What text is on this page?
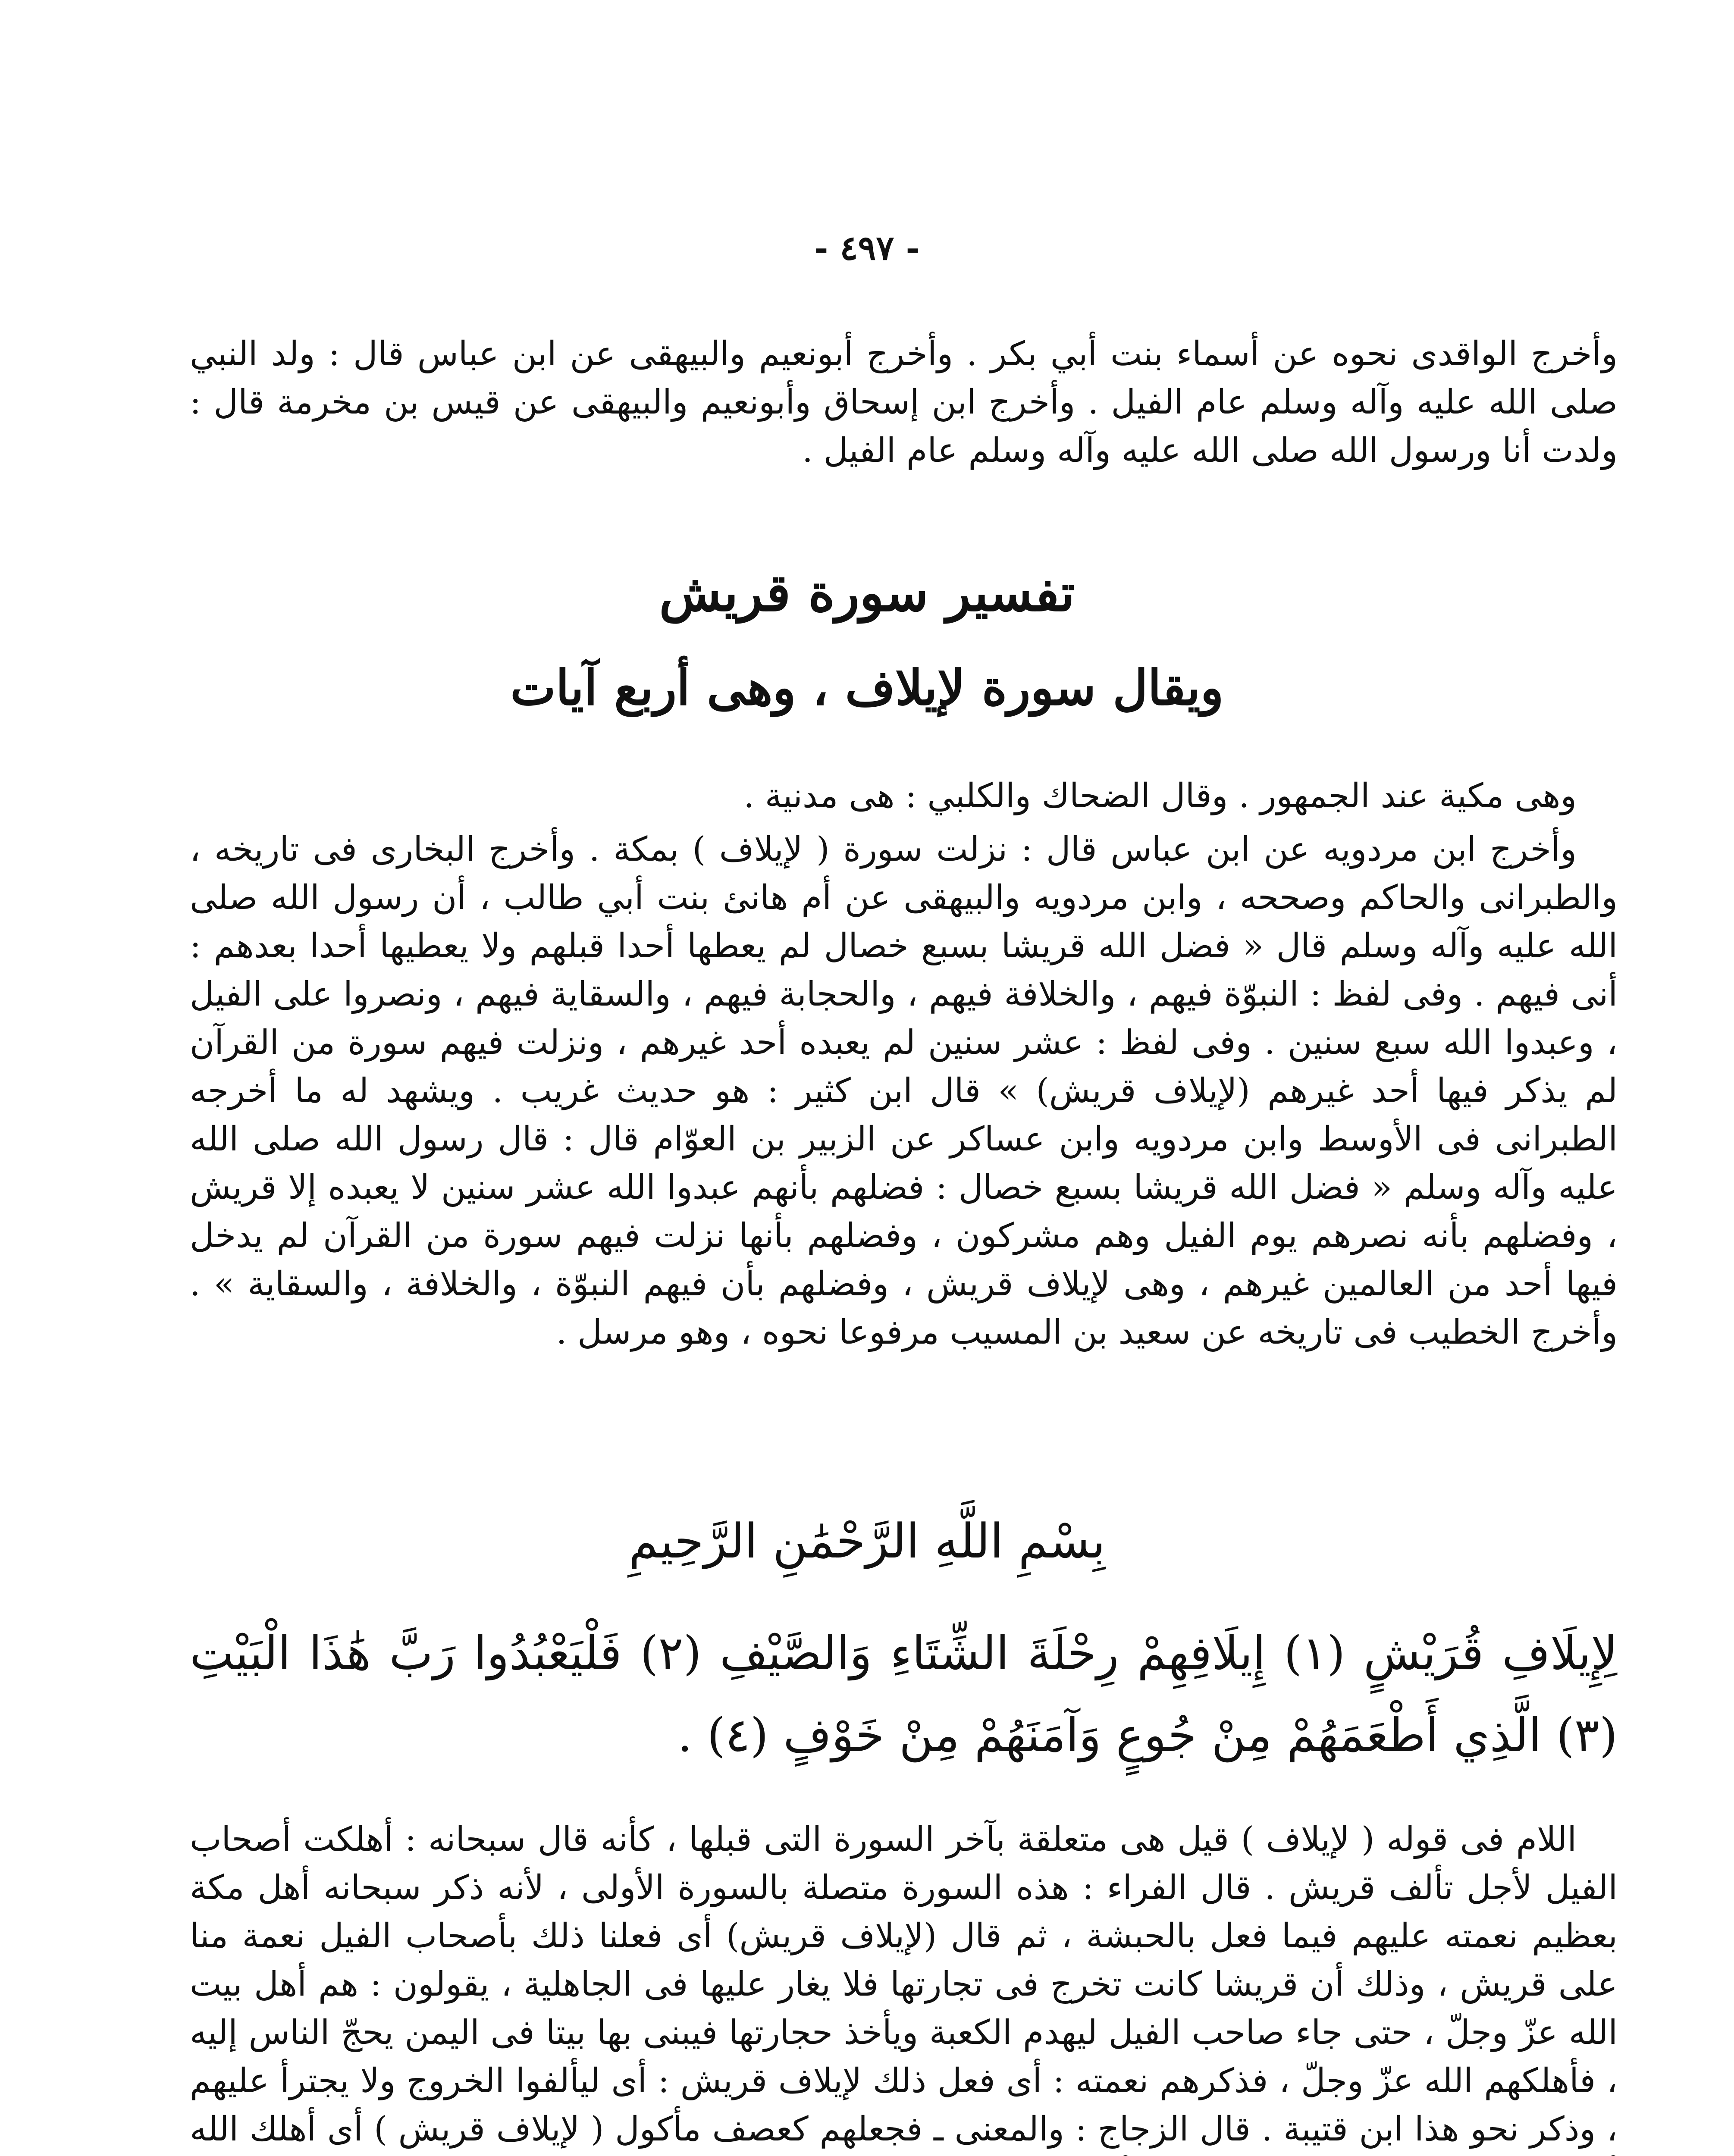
- ٤٩٧ -

وأخرج الواقدى نحوه عن أسماء بنت أبي بكر . وأخرج أبونعيم والبيهقى عن ابن عباس قال : ولد النبي صلى الله عليه وآله وسلم عام الفيل . وأخرج ابن إسحاق وأبونعيم والبيهقى عن قيس بن مخرمة قال : ولدت أنا ورسول الله صلى الله عليه وآله وسلم عام الفيل .

تفسير سورة قريش
ويقال سورة لإيلاف ، وهى أربع آيات

وهى مكية عند الجمهور . وقال الضحاك والكلبي : هى مدنية .

وأخرج ابن مردويه عن ابن عباس قال : نزلت سورة ( لإيلاف ) بمكة . وأخرج البخارى فى تاريخه ، والطبرانى والحاكم وصححه ، وابن مردويه والبيهقى عن أم هانئ بنت أبي طالب ، أن رسول الله صلى الله عليه وآله وسلم قال « فضل الله قريشا بسبع خصال لم يعطها أحدا قبلهم ولا يعطيها أحدا بعدهم : أنى فيهم . وفى لفظ : النبوّة فيهم ، والخلافة فيهم ، والحجابة فيهم ، والسقاية فيهم ، ونصروا على الفيل ، وعبدوا الله سبع سنين . وفى لفظ : عشر سنين لم يعبده أحد غيرهم ، ونزلت فيهم سورة من القرآن لم يذكر فيها أحد غيرهم (لإيلاف قريش) » قال ابن كثير : هو حديث غريب . ويشهد له ما أخرجه الطبرانى فى الأوسط وابن مردويه وابن عساكر عن الزبير بن العوّام قال : قال رسول الله صلى الله عليه وآله وسلم « فضل الله قريشا بسبع خصال : فضلهم بأنهم عبدوا الله عشر سنين لا يعبده إلا قريش ، وفضلهم بأنه نصرهم يوم الفيل وهم مشركون ، وفضلهم بأنها نزلت فيهم سورة من القرآن لم يدخل فيها أحد من العالمين غيرهم ، وهى لإيلاف قريش ، وفضلهم بأن فيهم النبوّة ، والخلافة ، والسقاية » . وأخرج الخطيب فى تاريخه عن سعيد بن المسيب مرفوعا نحوه ، وهو مرسل .

بِسْمِ اللَّهِ الرَّحْمَٰنِ الرَّحِيمِ
لِإِيلَافِ قُرَيْشٍ (١) إِيلَافِهِمْ رِحْلَةَ الشِّتَاءِ وَالصَّيْفِ (٢) فَلْيَعْبُدُوا رَبَّ هَٰذَا الْبَيْتِ (٣) الَّذِي أَطْعَمَهُمْ مِنْ جُوعٍ وَآمَنَهُمْ مِنْ خَوْفٍ (٤) .

اللام فى قوله ( لإيلاف ) قيل هى متعلقة بآخر السورة التى قبلها ، كأنه قال سبحانه : أهلكت أصحاب الفيل لأجل تألف قريش . قال الفراء : هذه السورة متصلة بالسورة الأولى ، لأنه ذكر سبحانه أهل مكة بعظيم نعمته عليهم فيما فعل بالحبشة ، ثم قال (لإيلاف قريش) أى فعلنا ذلك بأصحاب الفيل نعمة منا على قريش ، وذلك أن قريشا كانت تخرج فى تجارتها فلا يغار عليها فى الجاهلية ، يقولون : هم أهل بيت الله عزّ وجلّ ، حتى جاء صاحب الفيل ليهدم الكعبة ويأخذ حجارتها فيبنى بها بيتا فى اليمن يحجّ الناس إليه ، فأهلكهم الله عزّ وجلّ ، فذكرهم نعمته : أى فعل ذلك لإيلاف قريش : أى ليألفوا الخروج ولا يجترأ عليهم ، وذكر نحو هذا ابن قتيبة . قال الزجاج : والمعنى ـ فجعلهم كعصف مأكول ( لإيلاف قريش ) أى أهلك الله
